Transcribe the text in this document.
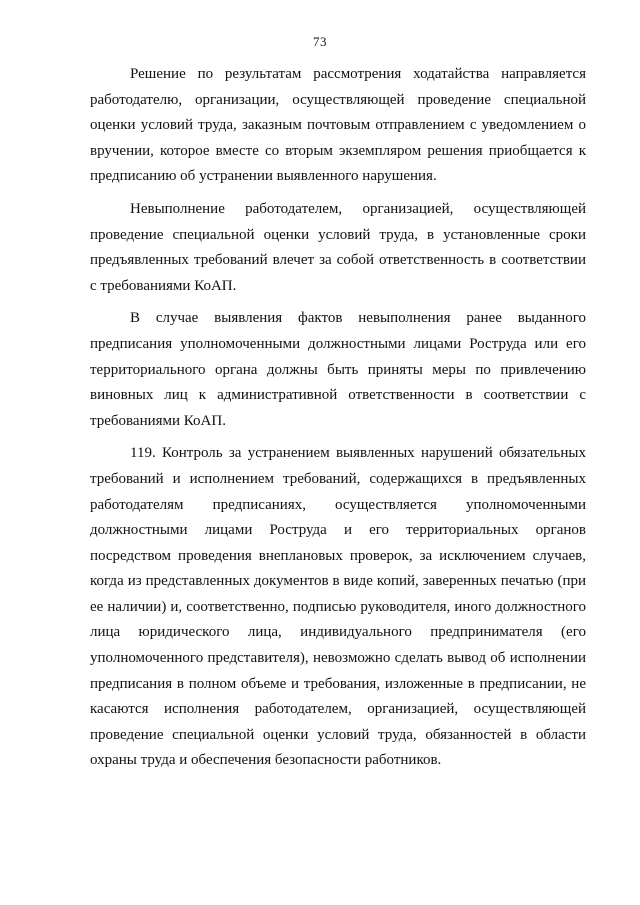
73

Решение по результатам рассмотрения ходатайства направляется работодателю, организации, осуществляющей проведение специальной оценки условий труда, заказным почтовым отправлением с уведомлением о вручении, которое вместе со вторым экземпляром решения приобщается к предписанию об устранении выявленного нарушения.

Невыполнение работодателем, организацией, осуществляющей проведение специальной оценки условий труда, в установленные сроки предъявленных требований влечет за собой ответственность в соответствии с требованиями КоАП.

В случае выявления фактов невыполнения ранее выданного предписания уполномоченными должностными лицами Роструда или его территориального органа должны быть приняты меры по привлечению виновных лиц к административной ответственности в соответствии с требованиями КоАП.

119. Контроль за устранением выявленных нарушений обязательных требований и исполнением требований, содержащихся в предъявленных работодателям предписаниях, осуществляется уполномоченными должностными лицами Роструда и его территориальных органов посредством проведения внеплановых проверок, за исключением случаев, когда из представленных документов в виде копий, заверенных печатью (при ее наличии) и, соответственно, подписью руководителя, иного должностного лица юридического лица, индивидуального предпринимателя (его уполномоченного представителя), невозможно сделать вывод об исполнении предписания в полном объеме и требования, изложенные в предписании, не касаются исполнения работодателем, организацией, осуществляющей проведение специальной оценки условий труда, обязанностей в области охраны труда и обеспечения безопасности работников.
